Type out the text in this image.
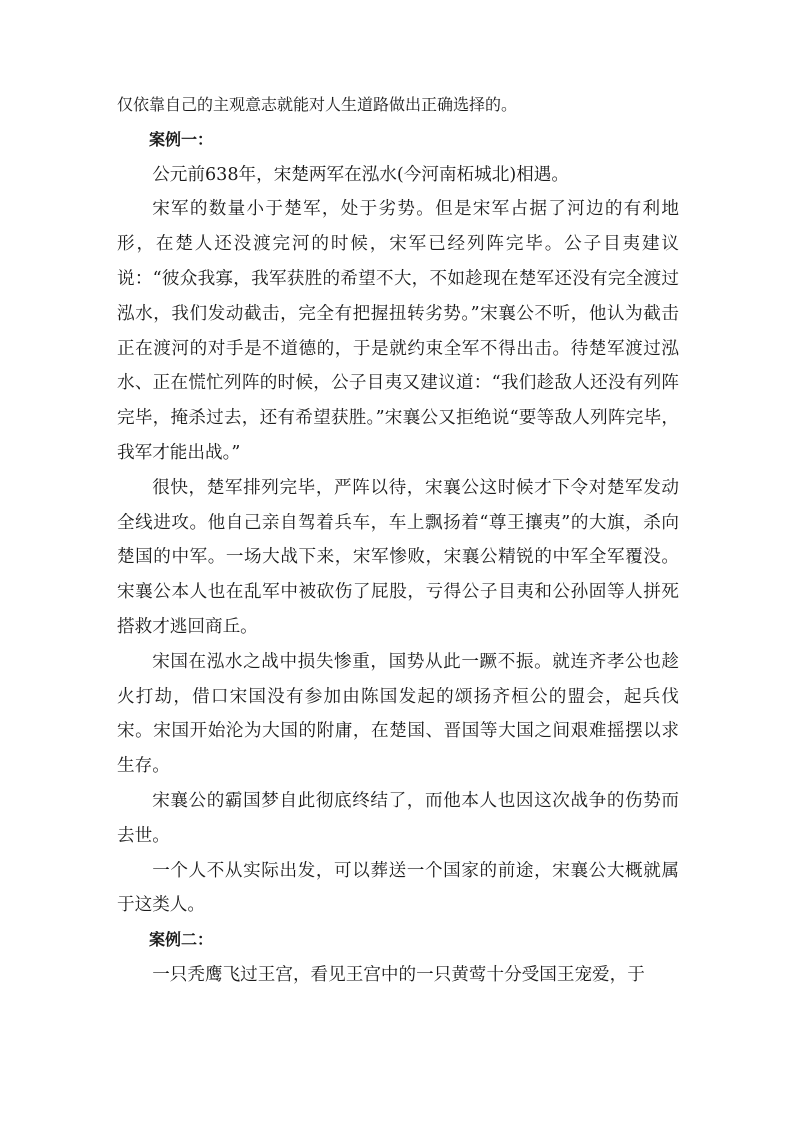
仅依靠自己的主观意志就能对人生道路做出正确选择的。

案例一：

公元前638年，宋楚两军在泓水(今河南柘城北)相遇。

宋军的数量小于楚军，处于劣势。但是宋军占据了河边的有利地形，在楚人还没渡完河的时候，宋军已经列阵完毕。公子目夷建议说：“彼众我寡，我军获胜的希望不大，不如趁现在楚军还没有完全渡过泓水，我们发动截击，完全有把握扭转劣势。”宋襄公不听，他认为截击正在渡河的对手是不道德的，于是就约束全军不得出击。待楚军渡过泓水、正在慌忙列阵的时候，公子目夷又建议道：“我们趁敌人还没有列阵完毕，掩杀过去，还有希望获胜。”宋襄公又拒绝说“要等敌人列阵完毕，我军才能出战。”

很快，楚军排列完毕，严阵以待，宋襄公这时候才下令对楚军发动全线进攻。他自己亲自驾着兵车，车上飘扬着“尊王攘夷”的大旗，杀向楚国的中军。一场大战下来，宋军惨败，宋襄公精锐的中军全军覆没。宋襄公本人也在乱军中被砍伤了屁股，亏得公子目夷和公孙固等人拼死搭救才逃回商丘。

宋国在泓水之战中损失惨重，国势从此一蹶不振。就连齐孝公也趁火打劫，借口宋国没有参加由陈国发起的颂扬齐桓公的盟会，起兵伐宋。宋国开始沦为大国的附庸，在楚国、晋国等大国之间艰难摇摆以求生存。

宋襄公的霸国梦自此彻底终结了，而他本人也因这次战争的伤势而去世。

一个人不从实际出发，可以葬送一个国家的前途，宋襄公大概就属于这类人。

案例二：

一只秃鹰飞过王宫，看见王宫中的一只黄莺十分受国王宠爱，于
